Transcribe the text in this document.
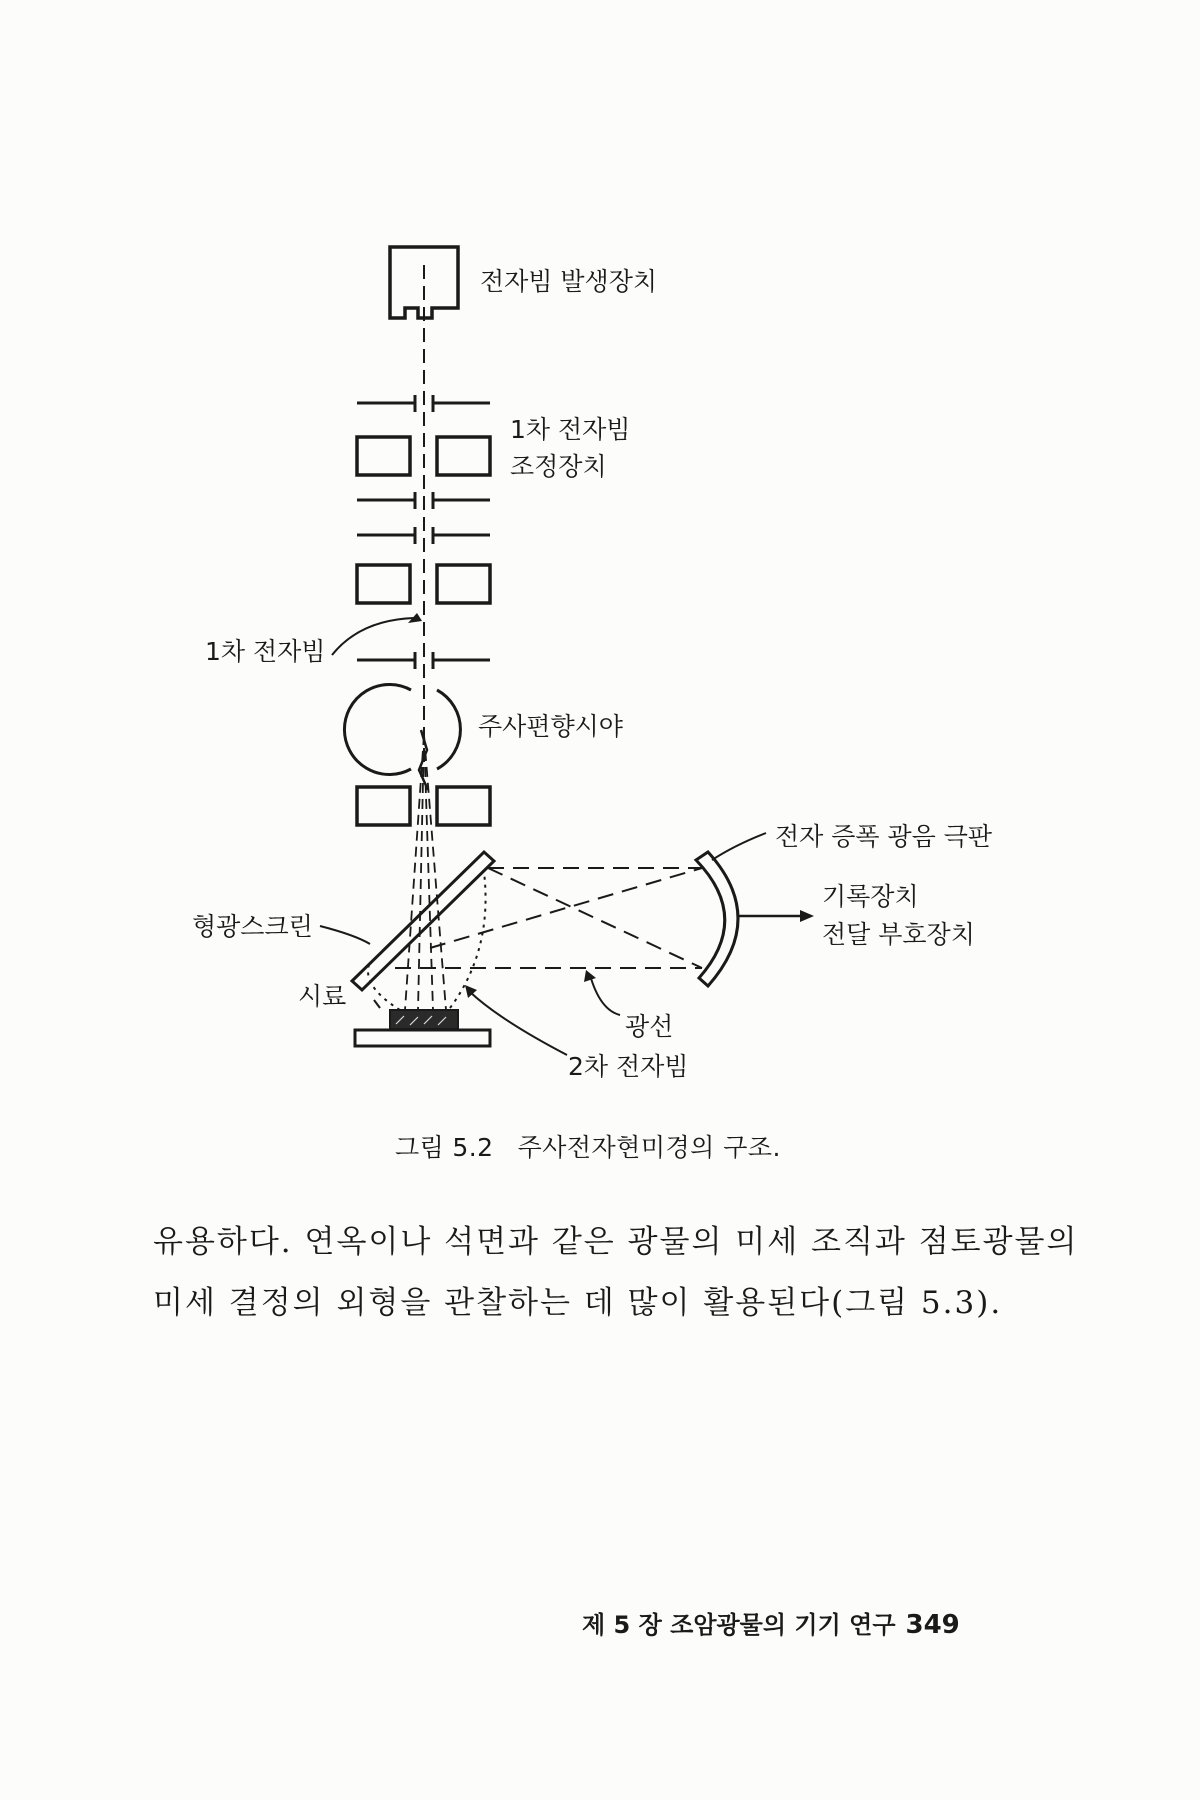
전자빔 발생장치
1차 전자빔
조정장치
1차 전자빔
주사편향시야
전자 증폭 광음 극판
기록장치
전달 부호장치
형광스크린
시료
광선
2차 전자빔
그림 5.2 주사전자현미경의 구조.

유용하다. 연옥이나 석면과 같은 광물의 미세 조직과 점토광물의

미세 결정의 외형을 관찰하는 데 많이 활용된다(그림 5.3).

제 5 장 조암광물의 기기 연구 349
